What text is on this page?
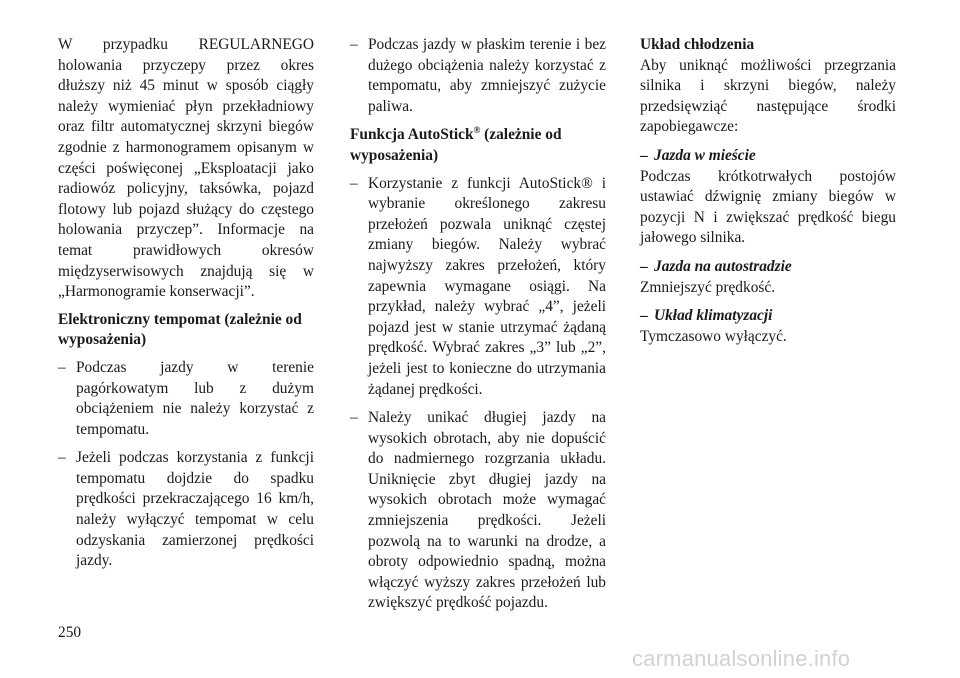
W przypadku REGULARNEGO holowania przyczepy przez okres dłuższy niż 45 minut w sposób ciągły należy wymieniać płyn przekładniowy oraz filtr automatycznej skrzyni biegów zgodnie z harmonogramem opisanym w części poświęconej „Eksploatacji jako radiowóz policyjny, taksówka, pojazd flotowy lub pojazd służący do częstego holowania przyczep”. Informacje na temat prawidłowych okresów międzyserwisowych znajdują się w „Harmonogramie konserwacji”.

Elektroniczny tempomat (zależnie od wyposażenia)
– Podczas jazdy w terenie pagórkowatym lub z dużym obciążeniem nie należy korzystać z tempomatu.
– Jeżeli podczas korzystania z funkcji tempomatu dojdzie do spadku prędkości przekraczającego 16 km/h, należy wyłączyć tempomat w celu odzyskania zamierzonej prędkości jazdy.
– Podczas jazdy w płaskim terenie i bez dużego obciążenia należy korzystać z tempomatu, aby zmniejszyć zużycie paliwa.
Funkcja AutoStick® (zależnie od wyposażenia)
– Korzystanie z funkcji AutoStick® i wybranie określonego zakresu przełożeń pozwala uniknąć częstej zmiany biegów. Należy wybrać najwyższy zakres przełożeń, który zapewnia wymagane osiągi. Na przykład, należy wybrać „4”, jeżeli pojazd jest w stanie utrzymać żądaną prędkość. Wybrać zakres „3” lub „2”, jeżeli jest to konieczne do utrzymania żądanej prędkości.
– Należy unikać długiej jazdy na wysokich obrotach, aby nie dopuścić do nadmiernego rozgrzania układu. Uniknięcie zbyt długiej jazdy na wysokich obrotach może wymagać zmniejszenia prędkości. Jeżeli pozwolą na to warunki na drodze, a obroty odpowiednio spadną, można włączyć wyższy zakres przełożeń lub zwiększyć prędkość pojazdu.
Układ chłodzenia

Aby uniknąć możliwości przegrzania silnika i skrzyni biegów, należy przedsięwziąć następujące środki zapobiegawcze:

– Jazda w mieście

Podczas krótkotrwałych postojów ustawiać dźwignię zmiany biegów w pozycji N i zwiększać prędkość biegu jałowego silnika.

– Jazda na autostradzie

Zmniejszyć prędkość.

– Układ klimatyzacji

Tymczasowo wyłączyć.

250
carmanualsonline.info
